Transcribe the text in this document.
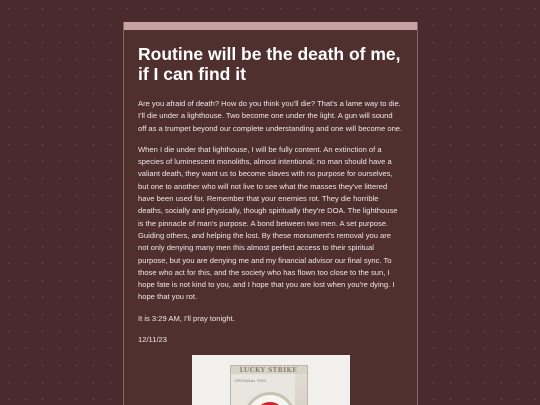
Routine will be the death of me, if I can find it

Are you afraid of death? How do you think you'll die? That's a lame way to die. I'll die under a lighthouse. Two become one under the light. A gun will sound off as a trumpet beyond our complete understanding and one will become one.

When I die under that lighthouse, I will be fully content. An extinction of a species of luminescent monoliths, almost intentional; no man should have a valiant death, they want us to become slaves with no purpose for ourselves, but one to another who will not live to see what the masses they've littered have been used for. Remember that your enemies rot. They die horrible deaths, socially and physically, though spiritually they're DOA. The lighthouse is the pinnacle of man's purpose. A bond between two men. A set purpose. Guiding others, and helping the lost. By these monument's removal you are not only denying many men this almost perfect access to their spiritual purpose, but you are denying me and my financial advisor our final sync. To those who act for this, and the society who has flown too close to the sun, I hope fate is not kind to you, and I hope that you are lost when you're dying. I hope that you rot.

It is 3:29 AM, I'll pray tonight.

12/11/23

LUCKY STRIKE
ORIGINAL RED
